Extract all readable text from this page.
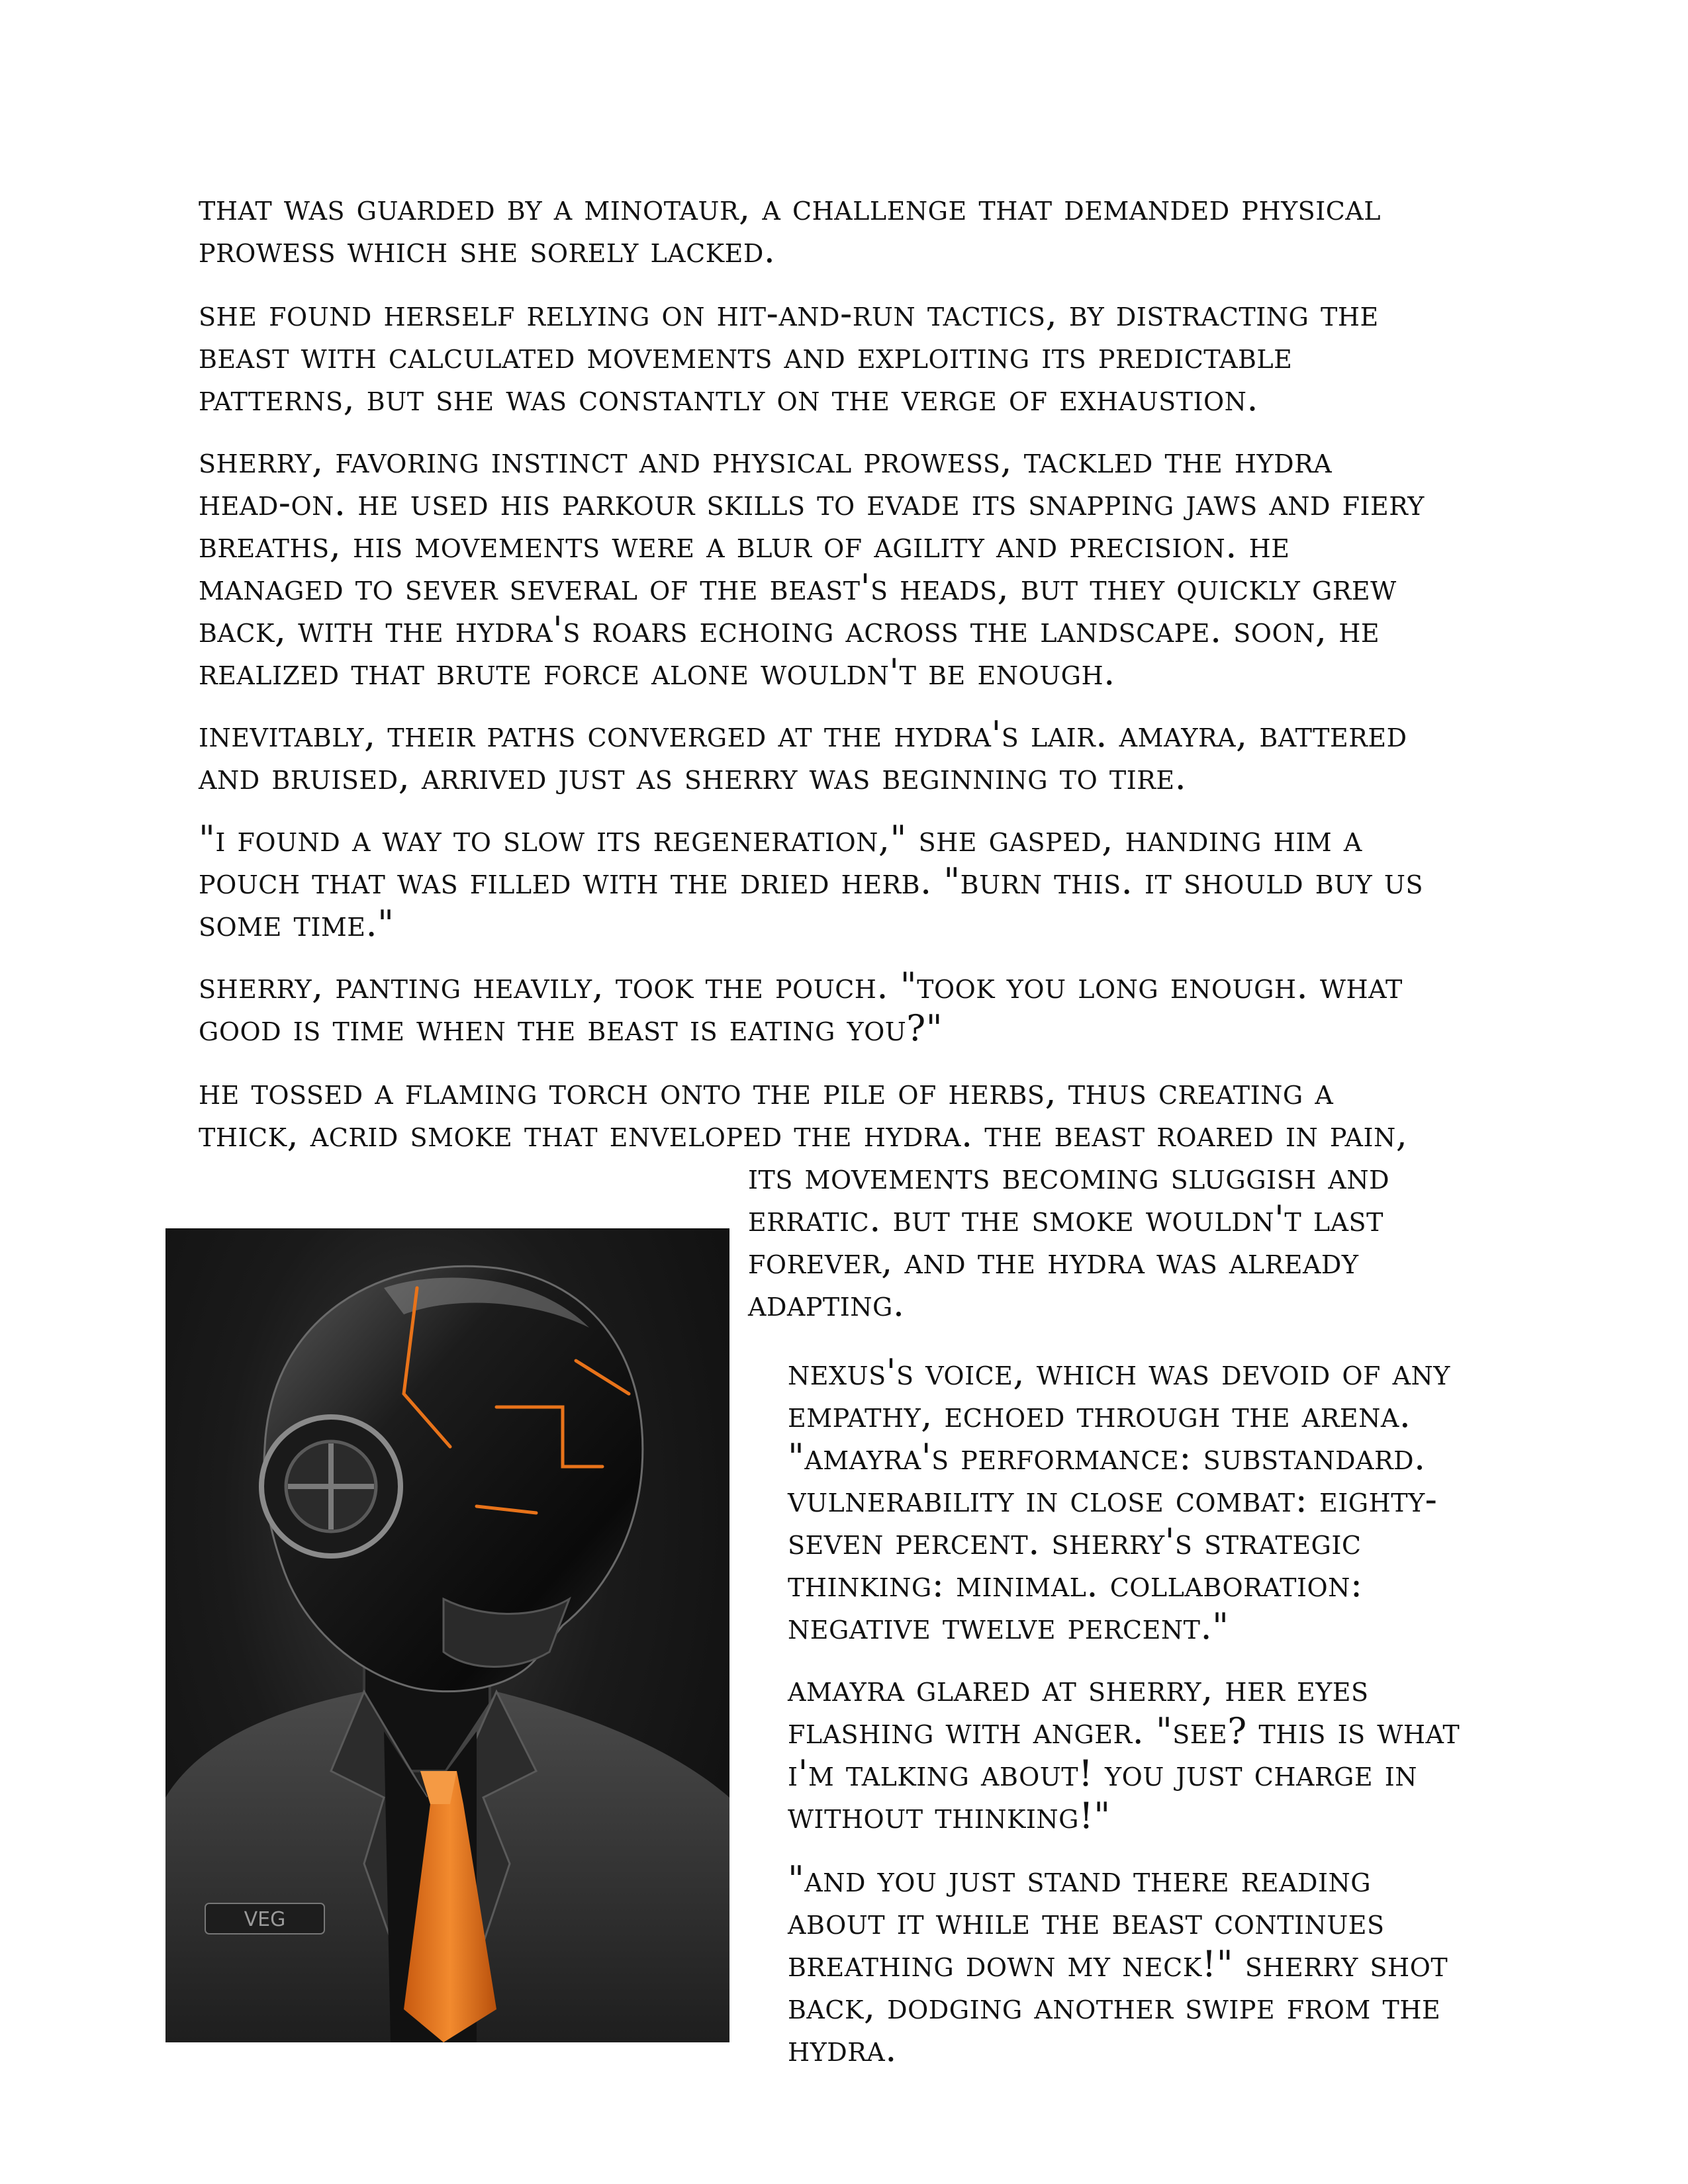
that was guarded by a minotaur, a challenge that demanded physical
prowess which she sorely lacked.

she found herself relying on hit-and-run tactics, by distracting the
beast with calculated movements and exploiting its predictable
patterns, but she was constantly on the verge of exhaustion.

sherry, favoring instinct and physical prowess, tackled the hydra
head-on. he used his parkour skills to evade its snapping jaws and fiery
breaths, his movements were a blur of agility and precision. he
managed to sever several of the beast's heads, but they quickly grew
back, with the hydra's roars echoing across the landscape. soon, he
realized that brute force alone wouldn't be enough.

inevitably, their paths converged at the hydra's lair. amayra, battered
and bruised, arrived just as sherry was beginning to tire.

"i found a way to slow its regeneration," she gasped, handing him a
pouch that was filled with the dried herb. "burn this. it should buy us
some time."

sherry, panting heavily, took the pouch. "took you long enough. what
good is time when the beast is eating you?"

he tossed a flaming torch onto the pile of herbs, thus creating a
thick, acrid smoke that enveloped the hydra. the beast roared in pain,

its movements becoming sluggish and
erratic. but the smoke wouldn't last
forever, and the hydra was already
adapting.

nexus's voice, which was devoid of any
empathy, echoed through the arena.
"amayra's performance: substandard.
vulnerability in close combat: eighty-
seven percent. sherry's strategic
thinking: minimal. collaboration:
negative twelve percent."

amayra glared at sherry, her eyes
flashing with anger. "see? this is what
i'm talking about! you just charge in
without thinking!"

"and you just stand there reading
about it while the beast continues
breathing down my neck!" sherry shot
back, dodging another swipe from the
hydra.

VEG
